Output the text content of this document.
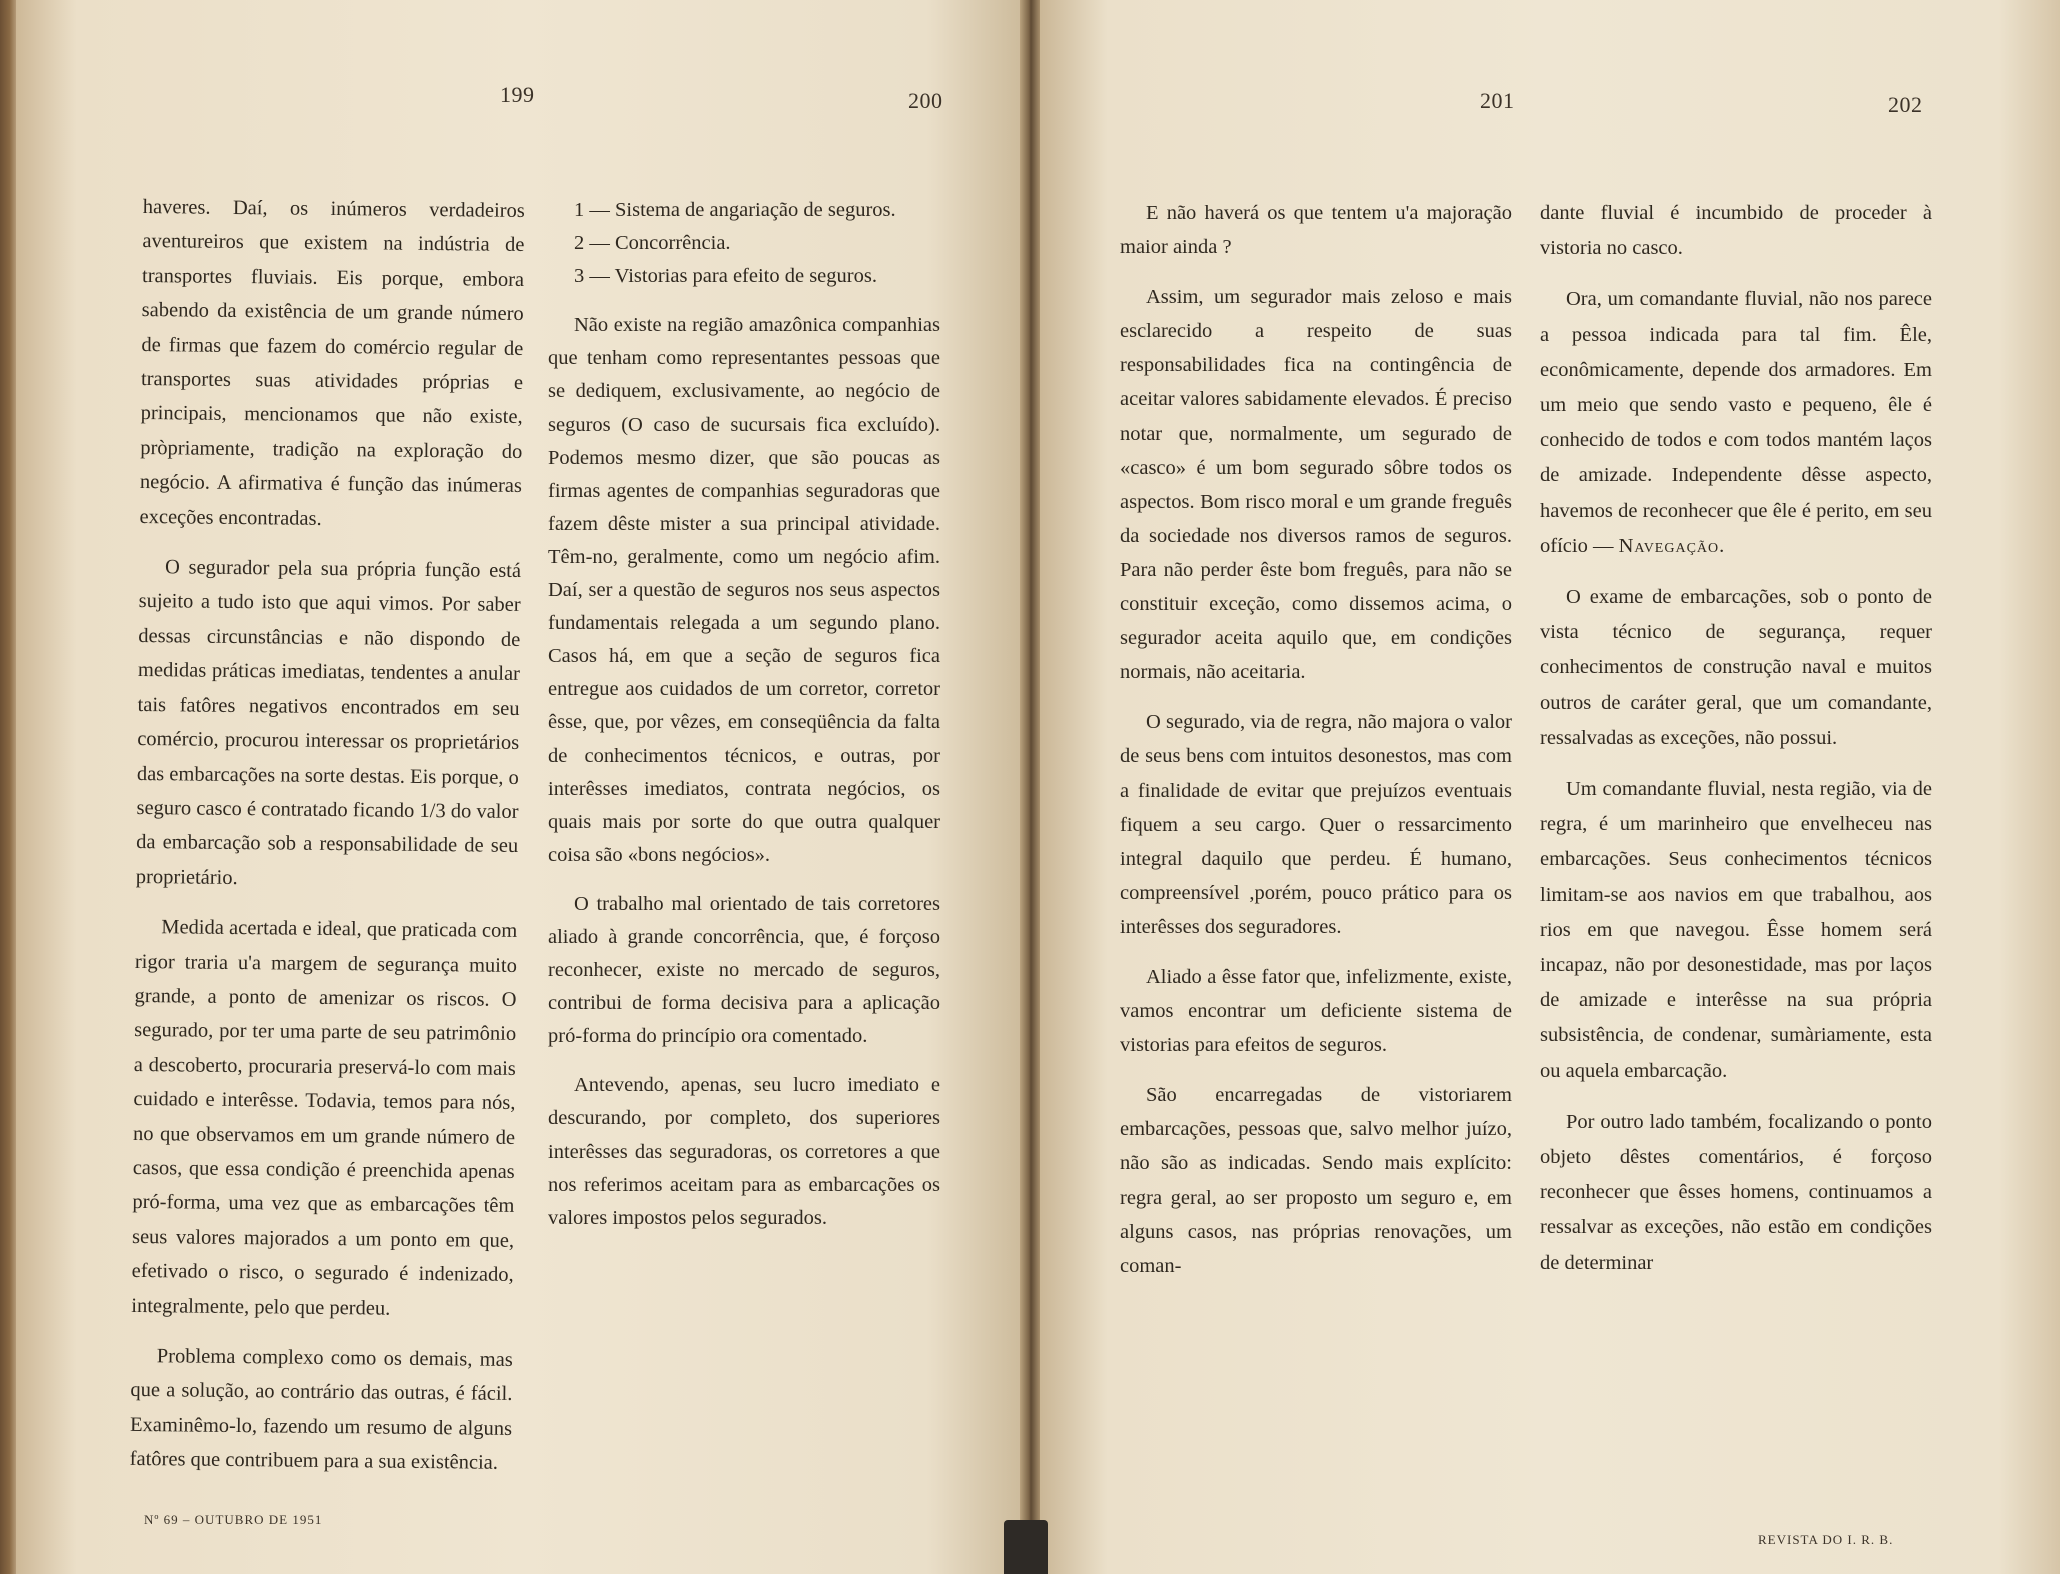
199	200	201	202

haveres. Daí, os inúmeros verdadeiros aventureiros que existem na indústria de transportes fluviais. Eis porque, embora sabendo da existência de um grande número de firmas que fazem do comércio regular de transportes suas atividades próprias e principais, mencionamos que não existe, pròpriamente, tradição na exploração do negócio. A afirmativa é função das inúmeras exceções encontradas.

O segurador pela sua própria função está sujeito a tudo isto que aqui vimos. Por saber dessas circunstâncias e não dispondo de medidas práticas imediatas, tendentes a anular tais fatôres negativos encontrados em seu comércio, procurou interessar os proprietários das embarcações na sorte destas. Eis porque, o seguro casco é contratado ficando 1/3 do valor da embarcação sob a responsabilidade de seu proprietário.

Medida acertada e ideal, que praticada com rigor traria u'a margem de segurança muito grande, a ponto de amenizar os riscos. O segurado, por ter uma parte de seu patrimônio a descoberto, procuraria preservá-lo com mais cuidado e interêsse. Todavia, temos para nós, no que observamos em um grande número de casos, que essa condição é preenchida apenas pró-forma, uma vez que as embarcações têm seus valores majorados a um ponto em que, efetivado o risco, o segurado é indenizado, integralmente, pelo que perdeu.

Problema complexo como os demais, mas que a solução, ao contrário das outras, é fácil. Examinêmo-lo, fazendo um resumo de alguns fatôres que contribuem para a sua existência.

1 — Sistema de angariação de seguros.

2 — Concorrência.

3 — Vistorias para efeito de seguros.

Não existe na região amazônica companhias que tenham como representantes pessoas que se dediquem, exclusivamente, ao negócio de seguros (O caso de sucursais fica excluído). Podemos mesmo dizer, que são poucas as firmas agentes de companhias seguradoras que fazem dêste mister a sua principal atividade. Têm-no, geralmente, como um negócio afim. Daí, ser a questão de seguros nos seus aspectos fundamentais relegada a um segundo plano. Casos há, em que a seção de seguros fica entregue aos cuidados de um corretor, corretor êsse, que, por vêzes, em conseqüência da falta de conhecimentos técnicos, e outras, por interêsses imediatos, contrata negócios, os quais mais por sorte do que outra qualquer coisa são «bons negócios».

O trabalho mal orientado de tais corretores aliado à grande concorrência, que, é forçoso reconhecer, existe no mercado de seguros, contribui de forma decisiva para a aplicação pró-forma do princípio ora comentado.

Antevendo, apenas, seu lucro imediato e descurando, por completo, dos superiores interêsses das seguradoras, os corretores a que nos referimos aceitam para as embarcações os valores impostos pelos segurados.

E não haverá os que tentem u'a majoração maior ainda ?

Assim, um segurador mais zeloso e mais esclarecido a respeito de suas responsabilidades fica na contingência de aceitar valores sabidamente elevados. É preciso notar que, normalmente, um segurado de «casco» é um bom segurado sôbre todos os aspectos. Bom risco moral e um grande freguês da sociedade nos diversos ramos de seguros. Para não perder êste bom freguês, para não se constituir exceção, como dissemos acima, o segurador aceita aquilo que, em condições normais, não aceitaria.

O segurado, via de regra, não majora o valor de seus bens com intuitos desonestos, mas com a finalidade de evitar que prejuízos eventuais fiquem a seu cargo. Quer o ressarcimento integral daquilo que perdeu. É humano, compreensível ,porém, pouco prático para os interêsses dos seguradores.

Aliado a êsse fator que, infelizmente, existe, vamos encontrar um deficiente sistema de vistorias para efeitos de seguros.

São encarregadas de vistoriarem embarcações, pessoas que, salvo melhor juízo, não são as indicadas. Sendo mais explícito: regra geral, ao ser proposto um seguro e, em alguns casos, nas próprias renovações, um coman-

dante fluvial é incumbido de proceder à vistoria no casco.

Ora, um comandante fluvial, não nos parece a pessoa indicada para tal fim. Êle, econômicamente, depende dos armadores. Em um meio que sendo vasto e pequeno, êle é conhecido de todos e com todos mantém laços de amizade. Independente dêsse aspecto, havemos de reconhecer que êle é perito, em seu ofício — Navegação.

O exame de embarcações, sob o ponto de vista técnico de segurança, requer conhecimentos de construção naval e muitos outros de caráter geral, que um comandante, ressalvadas as exceções, não possui.

Um comandante fluvial, nesta região, via de regra, é um marinheiro que envelheceu nas embarcações. Seus conhecimentos técnicos limitam-se aos navios em que trabalhou, aos rios em que navegou. Êsse homem será incapaz, não por desonestidade, mas por laços de amizade e interêsse na sua própria subsistência, de condenar, sumàriamente, esta ou aquela embarcação.

Por outro lado também, focalizando o ponto objeto dêstes comentários, é forçoso reconhecer que êsses homens, continuamos a ressalvar as exceções, não estão em condições de determinar

Nº 69 – OUTUBRO DE 1951
REVISTA DO I. R. B.
